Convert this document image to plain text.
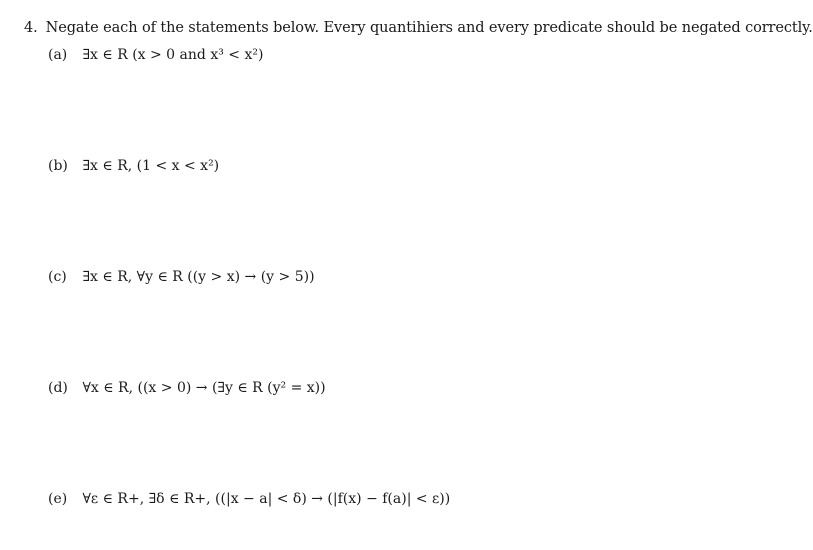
4. Negate each of the statements below. Every quantihiers and every predicate should be negated correctly.
(a) ∃x ∈ R (x > 0 and x³ < x²)
(b) ∃x ∈ R, (1 < x < x²)
(c) ∃x ∈ R, ∀y ∈ R ((y > x) → (y > 5))
(d) ∀x ∈ R, ((x > 0) → (∃y ∈ R (y² = x))
(e) ∀ε ∈ R+, ∃δ ∈ R+, ((|x − a| < δ) → (|f(x) − f(a)| < ε))
